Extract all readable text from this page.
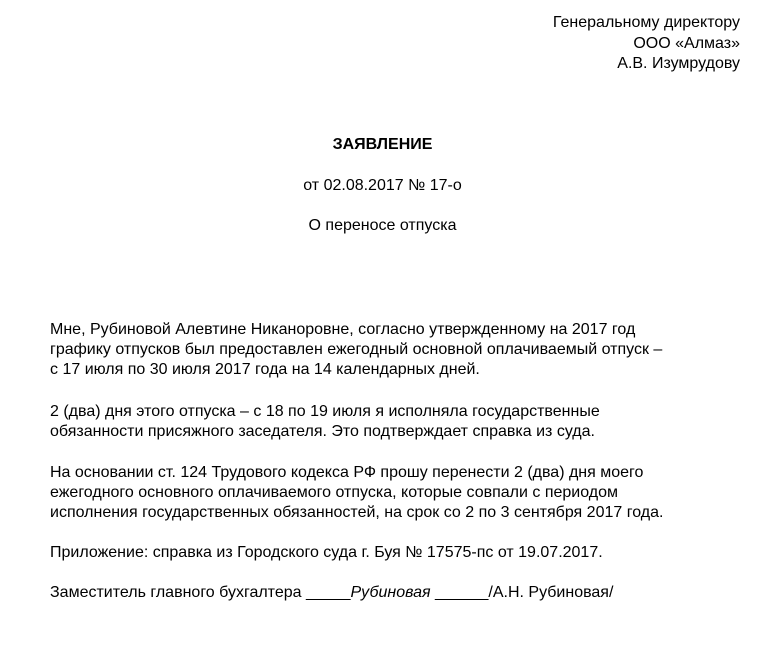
Генеральному директору
ООО «Алмаз»
А.В. Изумрудову
ЗАЯВЛЕНИЕ
от 02.08.2017 № 17-о
О переносе отпуска
Мне, Рубиновой Алевтине Никаноровне, согласно утвержденному на 2017 год
графику отпусков был предоставлен ежегодный основной оплачиваемый отпуск –
с 17 июля по 30 июля 2017 года на 14 календарных дней.
2 (два) дня этого отпуска – с 18 по 19 июля я исполняла государственные
обязанности присяжного заседателя. Это подтверждает справка из суда.
На основании ст. 124 Трудового кодекса РФ прошу перенести 2 (два) дня моего
ежегодного основного оплачиваемого отпуска, которые совпали с периодом
исполнения государственных обязанностей, на срок со 2 по 3 сентября 2017 года.
Приложение: справка из Городского суда г. Буя № 17575-пс от 19.07.2017.
Заместитель главного бухгалтера _____Рубиновая ______/А.Н. Рубиновая/
